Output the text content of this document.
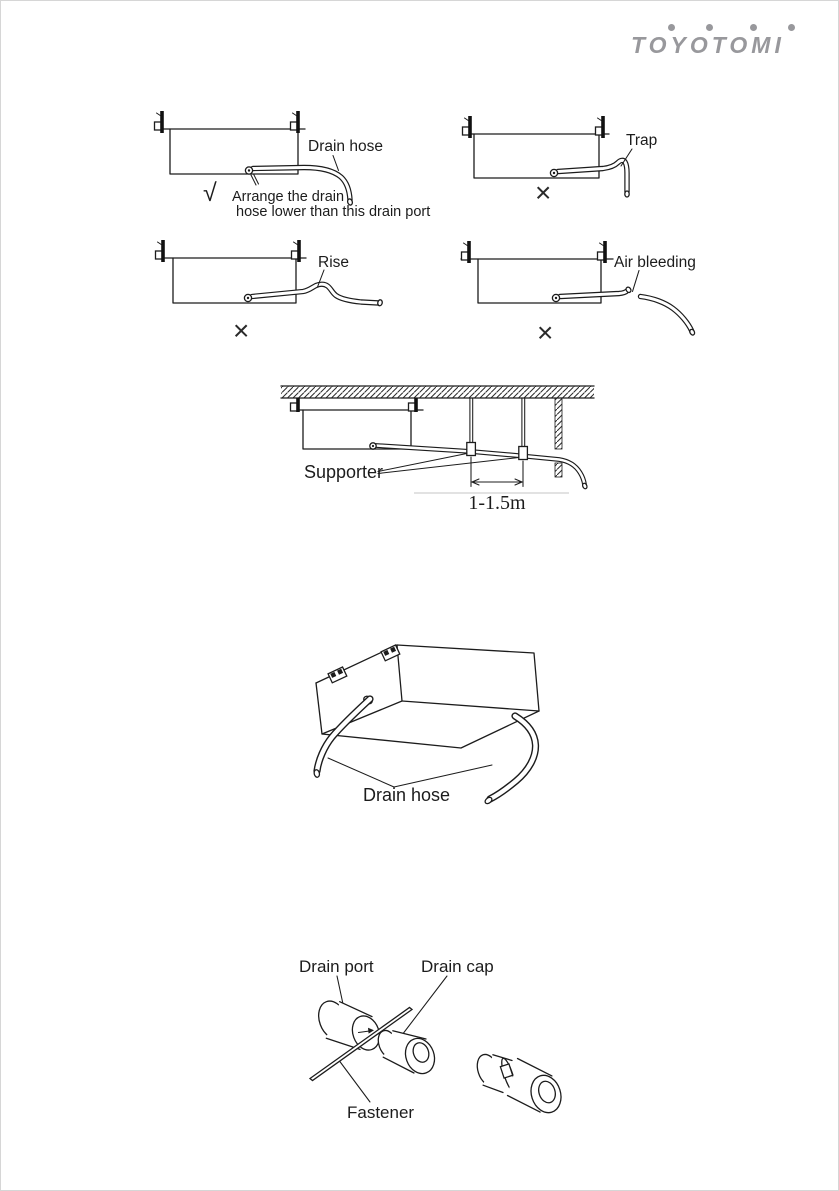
TOYOTOMI
Drain hose
√ Arrange the drain
hose lower than this drain port
Trap
×
Rise
×
Air bleeding
×
1-1.5m
Supporter
Drain hose
Drain port	Drain cap
Fastener
